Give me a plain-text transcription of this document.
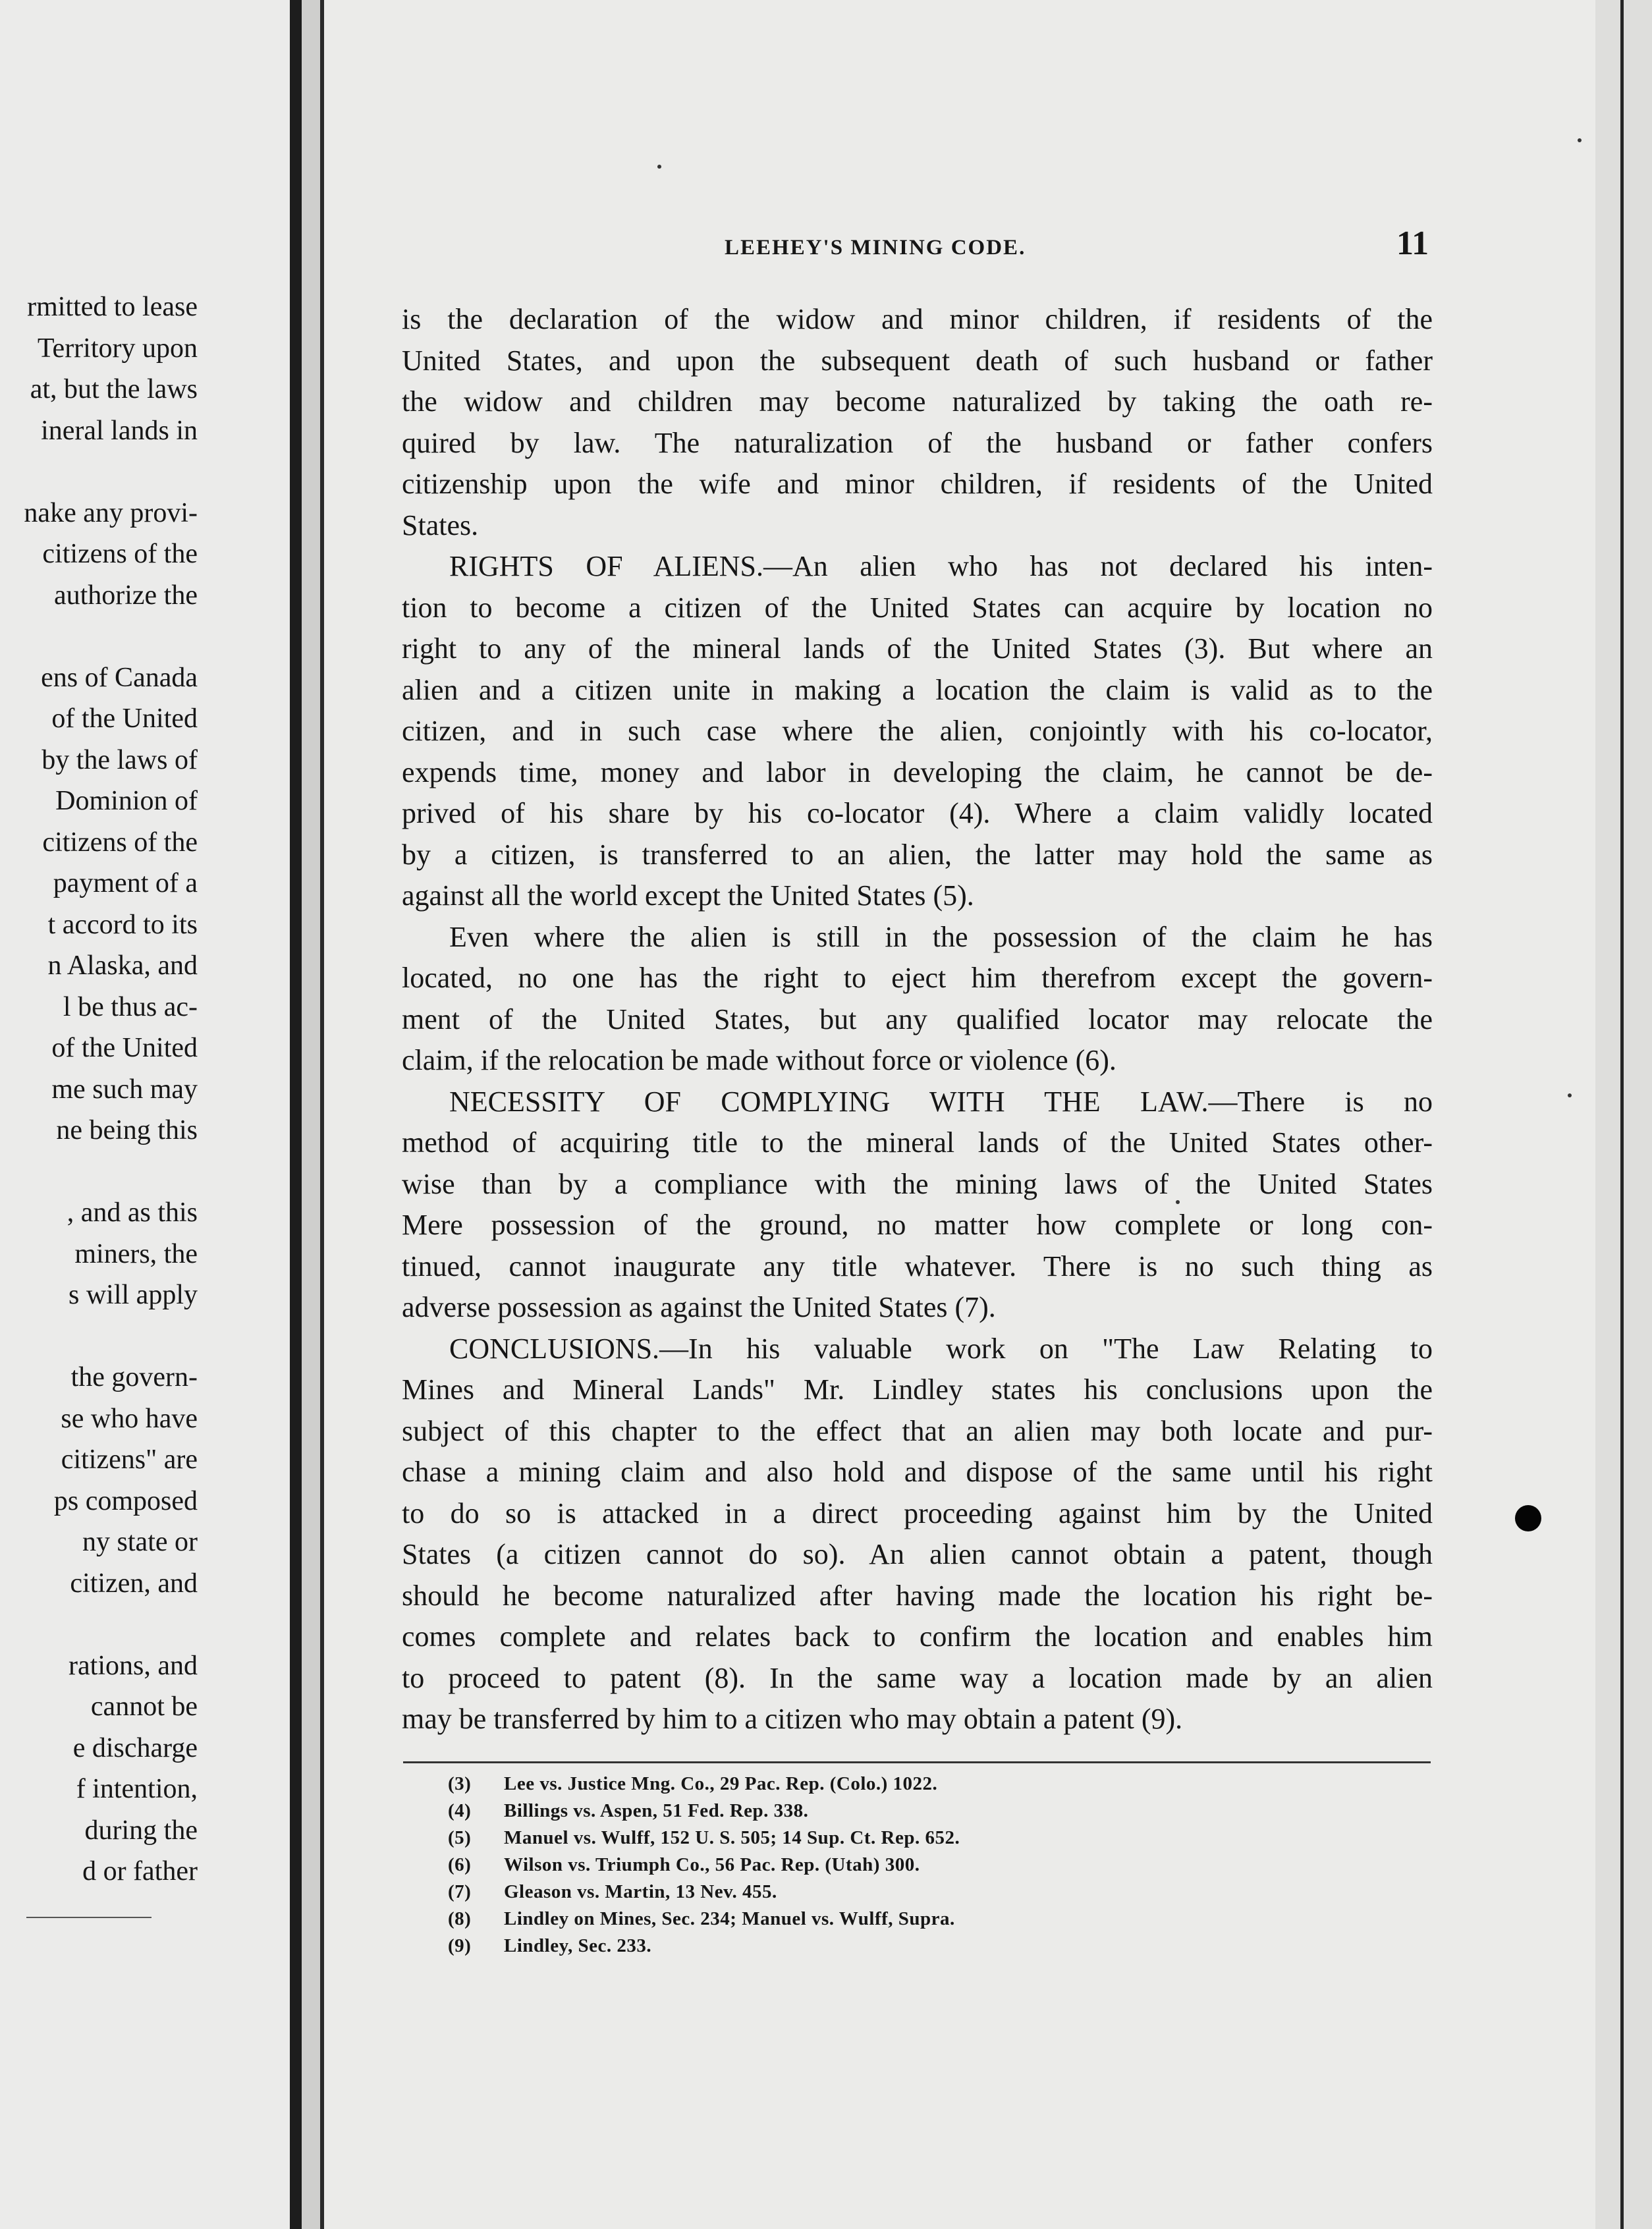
rmitted to lease
Territory upon
at, but the laws
ineral lands in
nake any provi-
citizens of the
authorize the
ens of Canada
of the United
by the laws of
Dominion of
citizens of the
payment of a
t accord to its
n Alaska, and
l be thus ac-
of the United
me such may
ne being this
, and as this
miners, the
s will apply
the govern-
se who have
citizens" are
ps composed
ny state or
citizen, and
rations, and
cannot be
e discharge
f intention,
during the
d or father
LEEHEY'S MINING CODE.	11
is the declaration of the widow and minor children, if residents of the
United States, and upon the subsequent death of such husband or father
the widow and children may become naturalized by taking the oath re-
quired by law. The naturalization of the husband or father confers
citizenship upon the wife and minor children, if residents of the United
States.
RIGHTS OF ALIENS.—An alien who has not declared his inten-
tion to become a citizen of the United States can acquire by location no
right to any of the mineral lands of the United States (3). But where an
alien and a citizen unite in making a location the claim is valid as to the
citizen, and in such case where the alien, conjointly with his co-locator,
expends time, money and labor in developing the claim, he cannot be de-
prived of his share by his co-locator (4). Where a claim validly located
by a citizen, is transferred to an alien, the latter may hold the same as
against all the world except the United States (5).
Even where the alien is still in the possession of the claim he has
located, no one has the right to eject him therefrom except the govern-
ment of the United States, but any qualified locator may relocate the
claim, if the relocation be made without force or violence (6).
NECESSITY OF COMPLYING WITH THE LAW.—There is no
method of acquiring title to the mineral lands of the United States other-
wise than by a compliance with the mining laws of the United States
Mere possession of the ground, no matter how complete or long con-
tinued, cannot inaugurate any title whatever. There is no such thing as
adverse possession as against the United States (7).
CONCLUSIONS.—In his valuable work on "The Law Relating to
Mines and Mineral Lands" Mr. Lindley states his conclusions upon the
subject of this chapter to the effect that an alien may both locate and pur-
chase a mining claim and also hold and dispose of the same until his right
to do so is attacked in a direct proceeding against him by the United
States (a citizen cannot do so). An alien cannot obtain a patent, though
should he become naturalized after having made the location his right be-
comes complete and relates back to confirm the location and enables him
to proceed to patent (8). In the same way a location made by an alien
may be transferred by him to a citizen who may obtain a patent (9).
(3) Lee vs. Justice Mng. Co., 29 Pac. Rep. (Colo.) 1022.
(4) Billings vs. Aspen, 51 Fed. Rep. 338.
(5) Manuel vs. Wulff, 152 U. S. 505; 14 Sup. Ct. Rep. 652.
(6) Wilson vs. Triumph Co., 56 Pac. Rep. (Utah) 300.
(7) Gleason vs. Martin, 13 Nev. 455.
(8) Lindley on Mines, Sec. 234; Manuel vs. Wulff, Supra.
(9) Lindley, Sec. 233.
